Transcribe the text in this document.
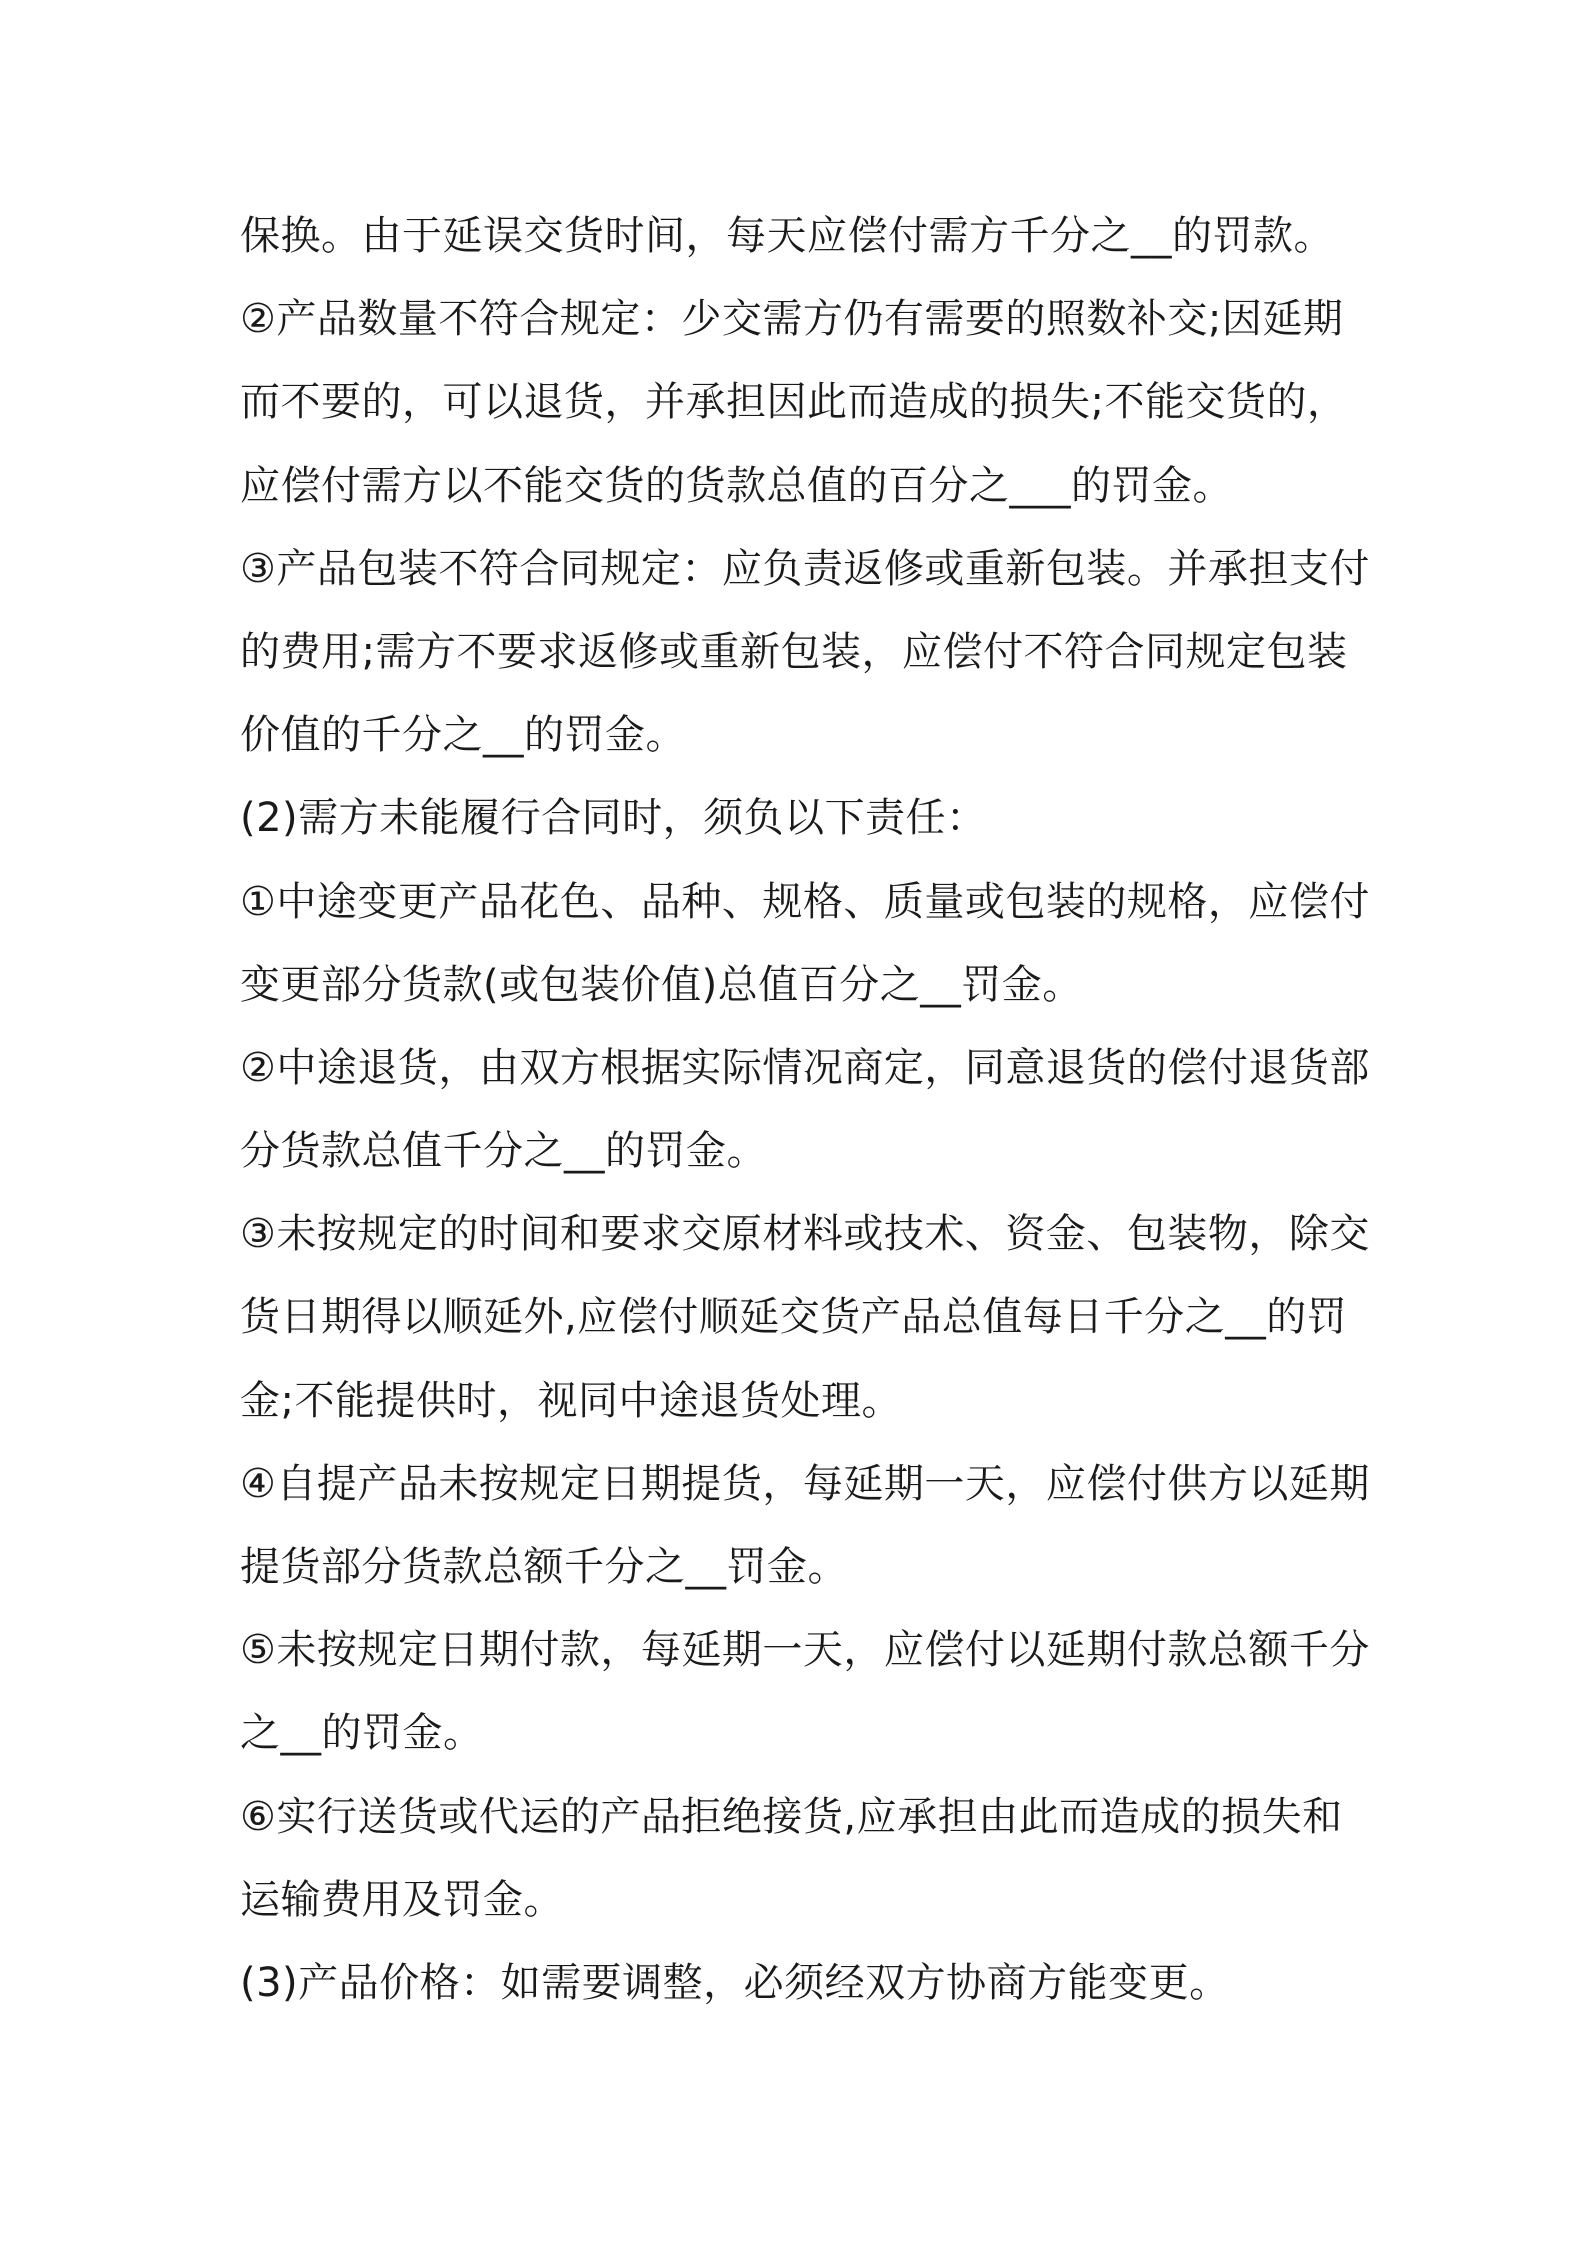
保换。由于延误交货时间，每天应偿付需方千分之__的罚款。
②产品数量不符合规定：少交需方仍有需要的照数补交;因延期
而不要的，可以退货，并承担因此而造成的损失;不能交货的，
应偿付需方以不能交货的货款总值的百分之___的罚金。
③产品包装不符合同规定：应负责返修或重新包装。并承担支付
的费用;需方不要求返修或重新包装，应偿付不符合同规定包装
价值的千分之__的罚金。
(2)需方未能履行合同时，须负以下责任：
①中途变更产品花色、品种、规格、质量或包装的规格，应偿付
变更部分货款(或包装价值)总值百分之__罚金。
②中途退货，由双方根据实际情况商定，同意退货的偿付退货部
分货款总值千分之__的罚金。
③未按规定的时间和要求交原材料或技术、资金、包装物，除交
货日期得以顺延外,应偿付顺延交货产品总值每日千分之__的罚
金;不能提供时，视同中途退货处理。
④自提产品未按规定日期提货，每延期一天，应偿付供方以延期
提货部分货款总额千分之__罚金。
⑤未按规定日期付款，每延期一天，应偿付以延期付款总额千分
之__的罚金。
⑥实行送货或代运的产品拒绝接货,应承担由此而造成的损失和
运输费用及罚金。
(3)产品价格：如需要调整，必须经双方协商方能变更。
